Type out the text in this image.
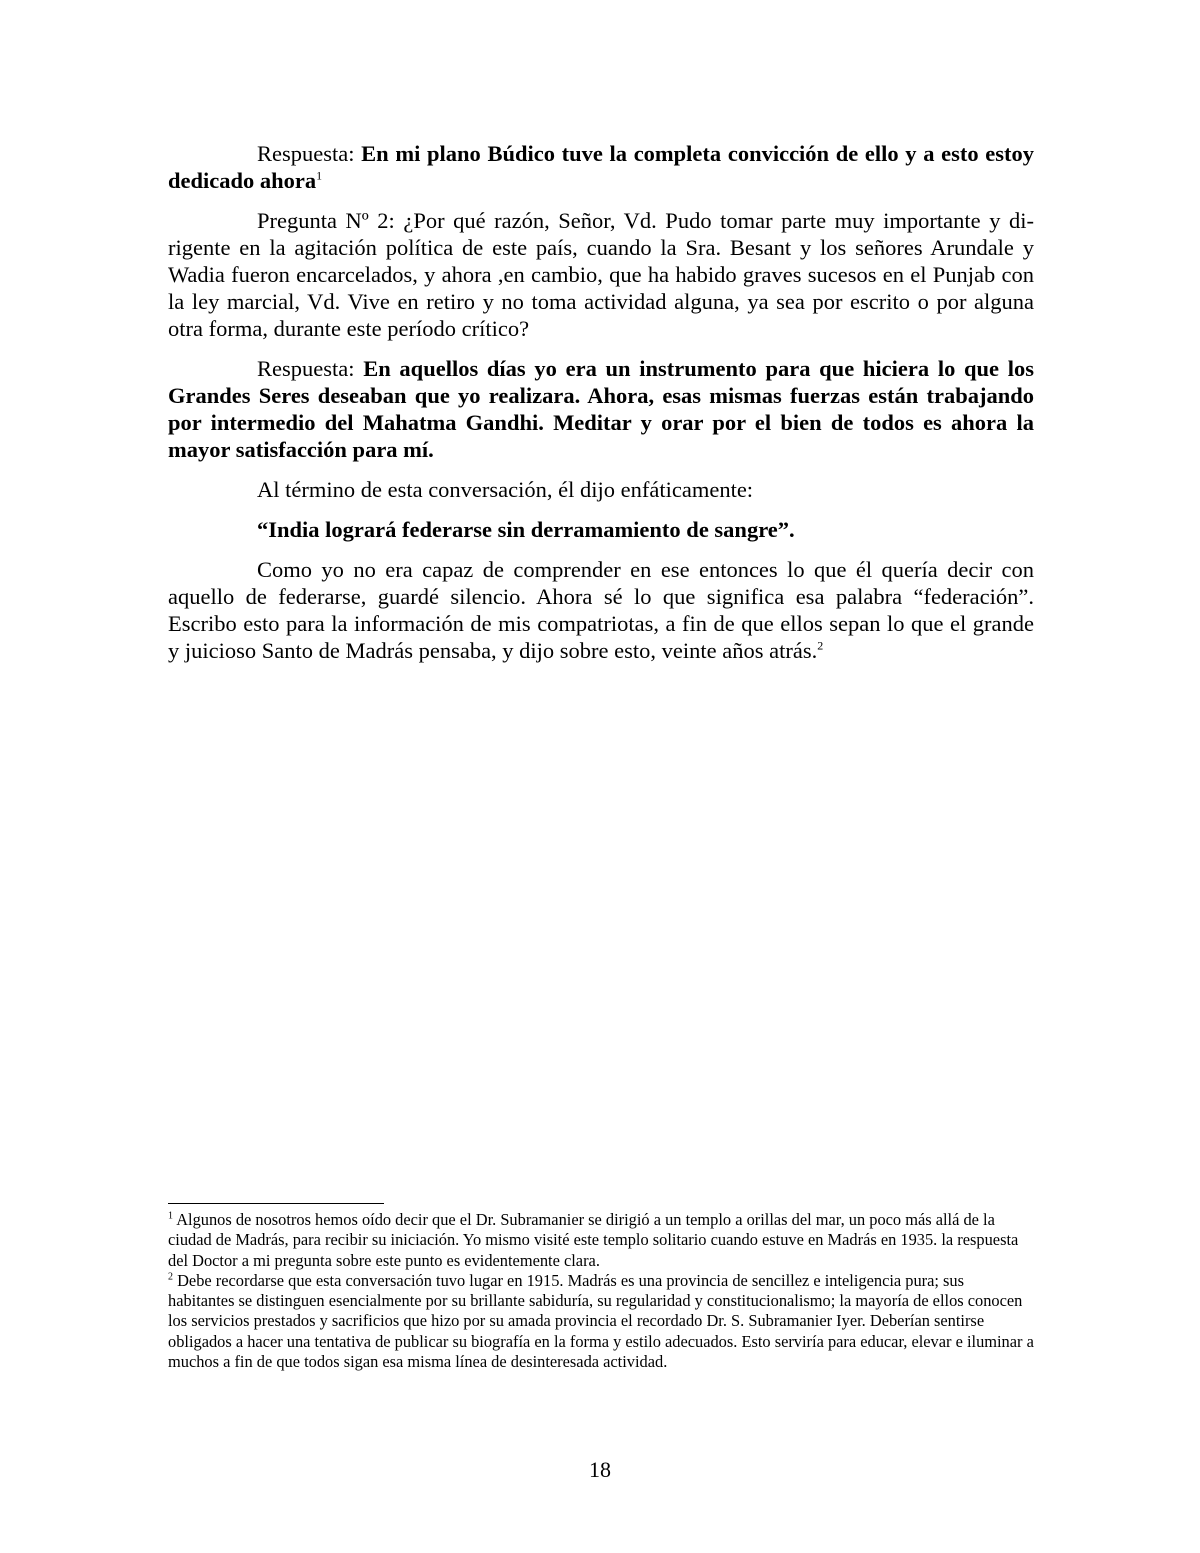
Respuesta: En mi plano Búdico tuve la completa convicción de ello y a esto estoy dedicado ahora$^1$

Pregunta Nº 2: ¿Por qué razón, Señor, Vd. Pudo tomar parte muy importante y dirigente en la agitación política de este país, cuando la Sra. Besant y los señores Arundale y Wadia fueron encarcelados, y ahora ,en cambio, que ha habido graves sucesos en el Punjab con la ley marcial, Vd. Vive en retiro y no toma actividad alguna, ya sea por escrito o por alguna otra forma, durante este período crítico?

Respuesta: En aquellos días yo era un instrumento para que hiciera lo que los Grandes Seres deseaban que yo realizara. Ahora, esas mismas fuerzas están trabajando por intermedio del Mahatma Gandhi. Meditar y orar por el bien de todos es ahora la mayor satisfacción para mí.

Al término de esta conversación, él dijo enfáticamente:

“India logrará federarse sin derramamiento de sangre”.

Como yo no era capaz de comprender en ese entonces lo que él quería decir con aquello de federarse, guardé silencio. Ahora sé lo que significa esa palabra “federación”. Escribo esto para la información de mis compatriotas, a fin de que ellos sepan lo que el grande y juicioso Santo de Madrás pensaba, y dijo sobre esto, veinte años atrás.$^2$

$^1$ Algunos de nosotros hemos oído decir que el Dr. Subramanier se dirigió a un templo a orillas del mar, un poco más allá de la ciudad de Madrás, para recibir su iniciación. Yo mismo visité este templo solitario cuando estuve en Madrás en 1935. la respuesta del Doctor a mi pregunta sobre este punto es evidentemente clara.

$^2$ Debe recordarse que esta conversación tuvo lugar en 1915. Madrás es una provincia de sencillez e inteligencia pura; sus habitantes se distinguen esencialmente por su brillante sabiduría, su regularidad y constitucionalismo; la mayoría de ellos conocen los servicios prestados y sacrificios que hizo por su amada provincia el recordado Dr. S. Subramanier Iyer. Deberían sentirse obligados a hacer una tentativa de publicar su biografía en la forma y estilo adecuados. Esto serviría para educar, elevar e iluminar a muchos a fin de que todos sigan esa misma línea de desinteresada actividad.

18
